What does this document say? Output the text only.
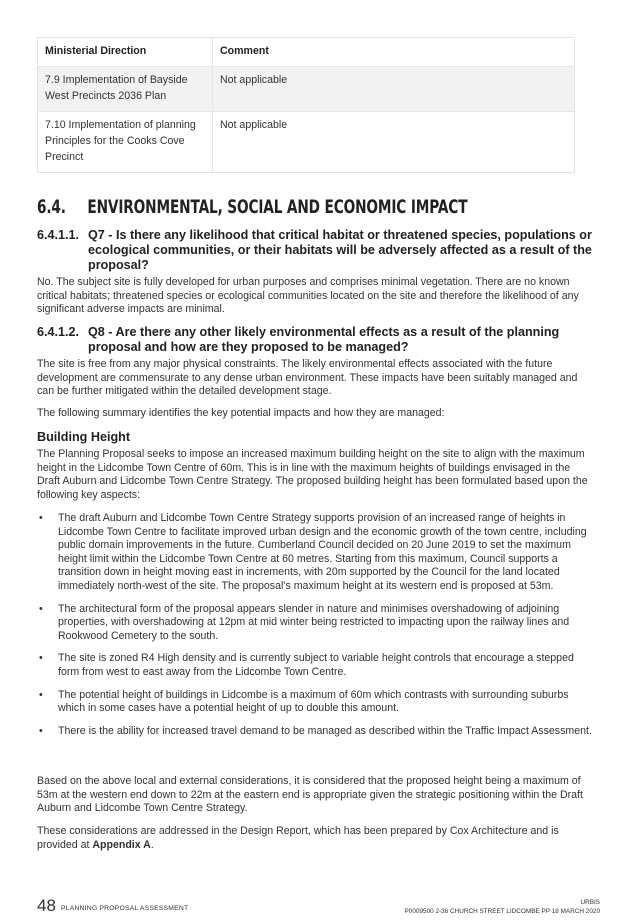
Ministerial Direction	Comment
7.9 Implementation of Bayside West Precincts 2036 Plan	Not applicable
7.10 Implementation of planning Principles for the Cooks Cove Precinct	Not applicable
6.4. ENVIRONMENTAL, SOCIAL AND ECONOMIC IMPACT
6.4.1.1. Q7 - Is there any likelihood that critical habitat or threatened species, populations or ecological communities, or their habitats will be adversely affected as a result of the proposal?
No. The subject site is fully developed for urban purposes and comprises minimal vegetation. There are no known critical habitats; threatened species or ecological communities located on the site and therefore the likelihood of any significant adverse impacts are minimal.
6.4.1.2. Q8 - Are there any other likely environmental effects as a result of the planning proposal and how are they proposed to be managed?
The site is free from any major physical constraints. The likely environmental effects associated with the future development are commensurate to any dense urban environment. These impacts have been suitably managed and can be further mitigated within the detailed development stage.
The following summary identifies the key potential impacts and how they are managed:
Building Height
The Planning Proposal seeks to impose an increased maximum building height on the site to align with the maximum height in the Lidcombe Town Centre of 60m. This is in line with the maximum heights of buildings envisaged in the Draft Auburn and Lidcombe Town Centre Strategy. The proposed building height has been formulated based upon the following key aspects:
• The draft Auburn and Lidcombe Town Centre Strategy supports provision of an increased range of heights in Lidcombe Town Centre to facilitate improved urban design and the economic growth of the town centre, including public domain improvements in the future. Cumberland Council decided on 20 June 2019 to set the maximum height limit within the Lidcombe Town Centre at 60 metres. Starting from this maximum, Council supports a transition down in height moving east in increments, with 20m supported by the Council for the land located immediately north-west of the site. The proposal’s maximum height at its western end is proposed at 53m.
• The architectural form of the proposal appears slender in nature and minimises overshadowing of adjoining properties, with overshadowing at 12pm at mid winter being restricted to impacting upon the railway lines and Rookwood Cemetery to the south.
• The site is zoned R4 High density and is currently subject to variable height controls that encourage a stepped form from west to east away from the Lidcombe Town Centre.
• The potential height of buildings in Lidcombe is a maximum of 60m which contrasts with surrounding suburbs which in some cases have a potential height of up to double this amount.
• There is the ability for increased travel demand to be managed as described within the Traffic Impact Assessment.
Based on the above local and external considerations, it is considered that the proposed height being a maximum of 53m at the western end down to 22m at the eastern end is appropriate given the strategic positioning within the Draft Auburn and Lidcombe Town Centre Strategy.
These considerations are addressed in the Design Report, which has been prepared by Cox Architecture and is provided at Appendix A.
48 PLANNING PROPOSAL ASSESSMENT
URBIS
P0009500 2-36 CHURCH STREET LIDCOMBE PP 18 MARCH 2020
